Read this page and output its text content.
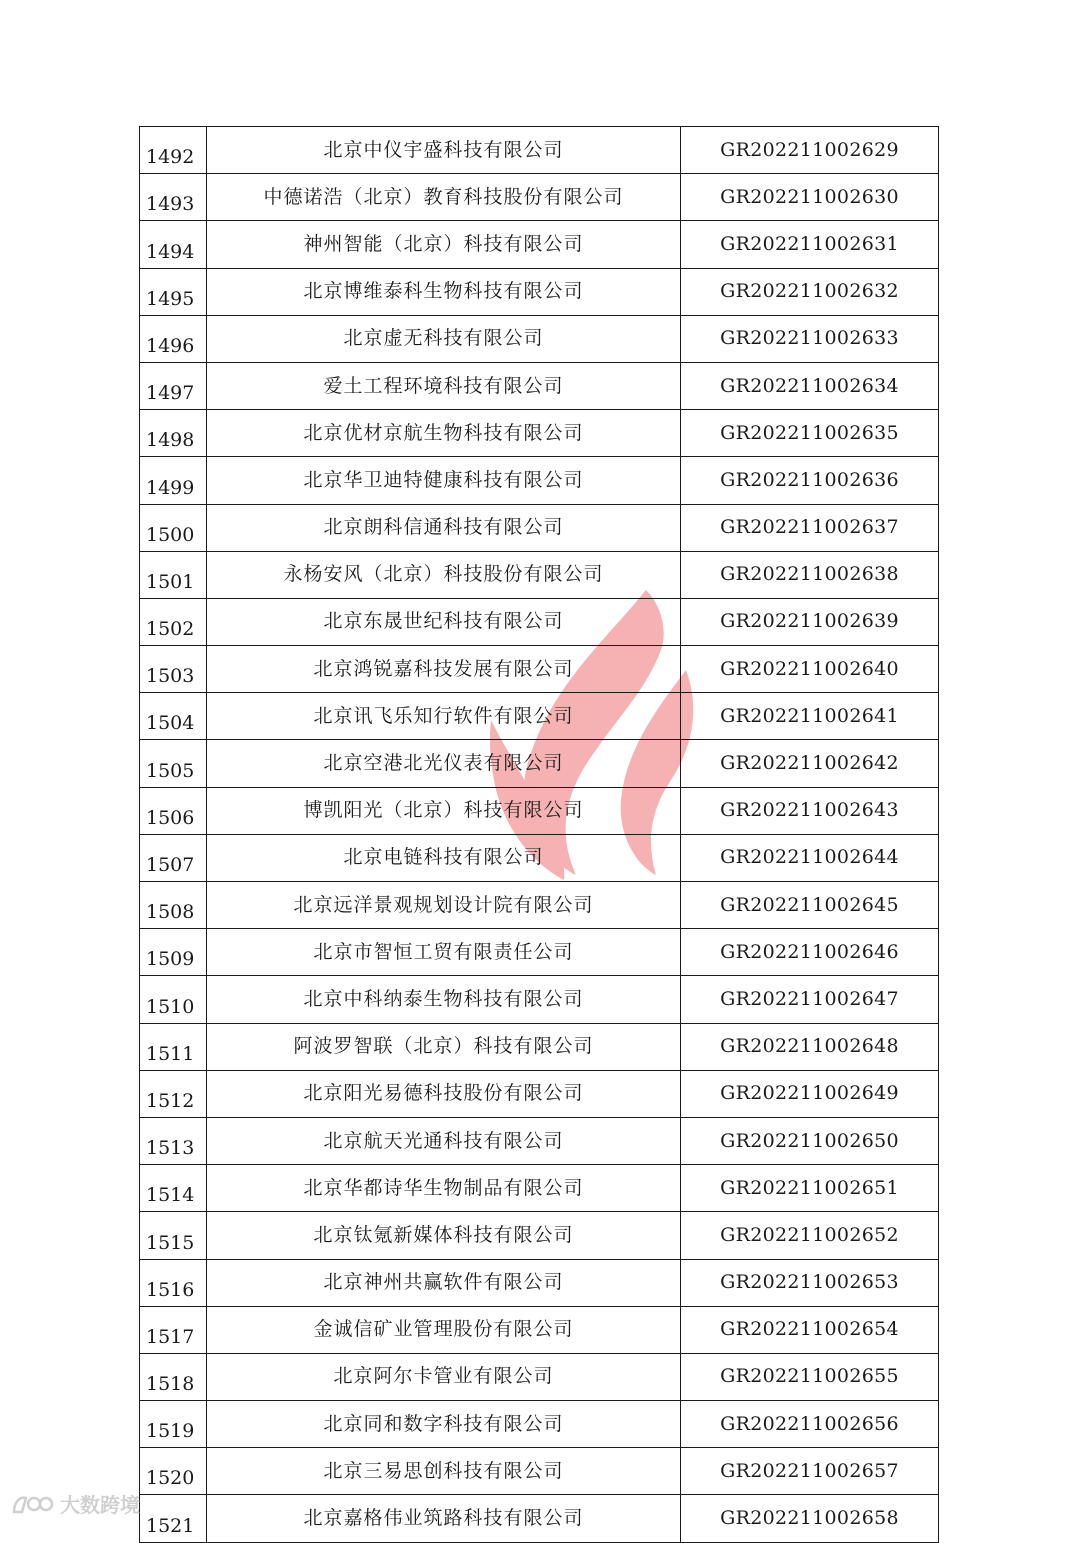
1492	北京中仪宇盛科技有限公司	GR202211002629
1493	中德诺浩（北京）教育科技股份有限公司	GR202211002630
1494	神州智能（北京）科技有限公司	GR202211002631
1495	北京博维泰科生物科技有限公司	GR202211002632
1496	北京虚无科技有限公司	GR202211002633
1497	爱土工程环境科技有限公司	GR202211002634
1498	北京优材京航生物科技有限公司	GR202211002635
1499	北京华卫迪特健康科技有限公司	GR202211002636
1500	北京朗科信通科技有限公司	GR202211002637
1501	永杨安风（北京）科技股份有限公司	GR202211002638
1502	北京东晟世纪科技有限公司	GR202211002639
1503	北京鸿锐嘉科技发展有限公司	GR202211002640
1504	北京讯飞乐知行软件有限公司	GR202211002641
1505	北京空港北光仪表有限公司	GR202211002642
1506	博凯阳光（北京）科技有限公司	GR202211002643
1507	北京电链科技有限公司	GR202211002644
1508	北京远洋景观规划设计院有限公司	GR202211002645
1509	北京市智恒工贸有限责任公司	GR202211002646
1510	北京中科纳泰生物科技有限公司	GR202211002647
1511	阿波罗智联（北京）科技有限公司	GR202211002648
1512	北京阳光易德科技股份有限公司	GR202211002649
1513	北京航天光通科技有限公司	GR202211002650
1514	北京华都诗华生物制品有限公司	GR202211002651
1515	北京钛氪新媒体科技有限公司	GR202211002652
1516	北京神州共赢软件有限公司	GR202211002653
1517	金诚信矿业管理股份有限公司	GR202211002654
1518	北京阿尔卡管业有限公司	GR202211002655
1519	北京同和数字科技有限公司	GR202211002656
1520	北京三易思创科技有限公司	GR202211002657
1521	北京嘉格伟业筑路科技有限公司	GR202211002658
大数跨境
